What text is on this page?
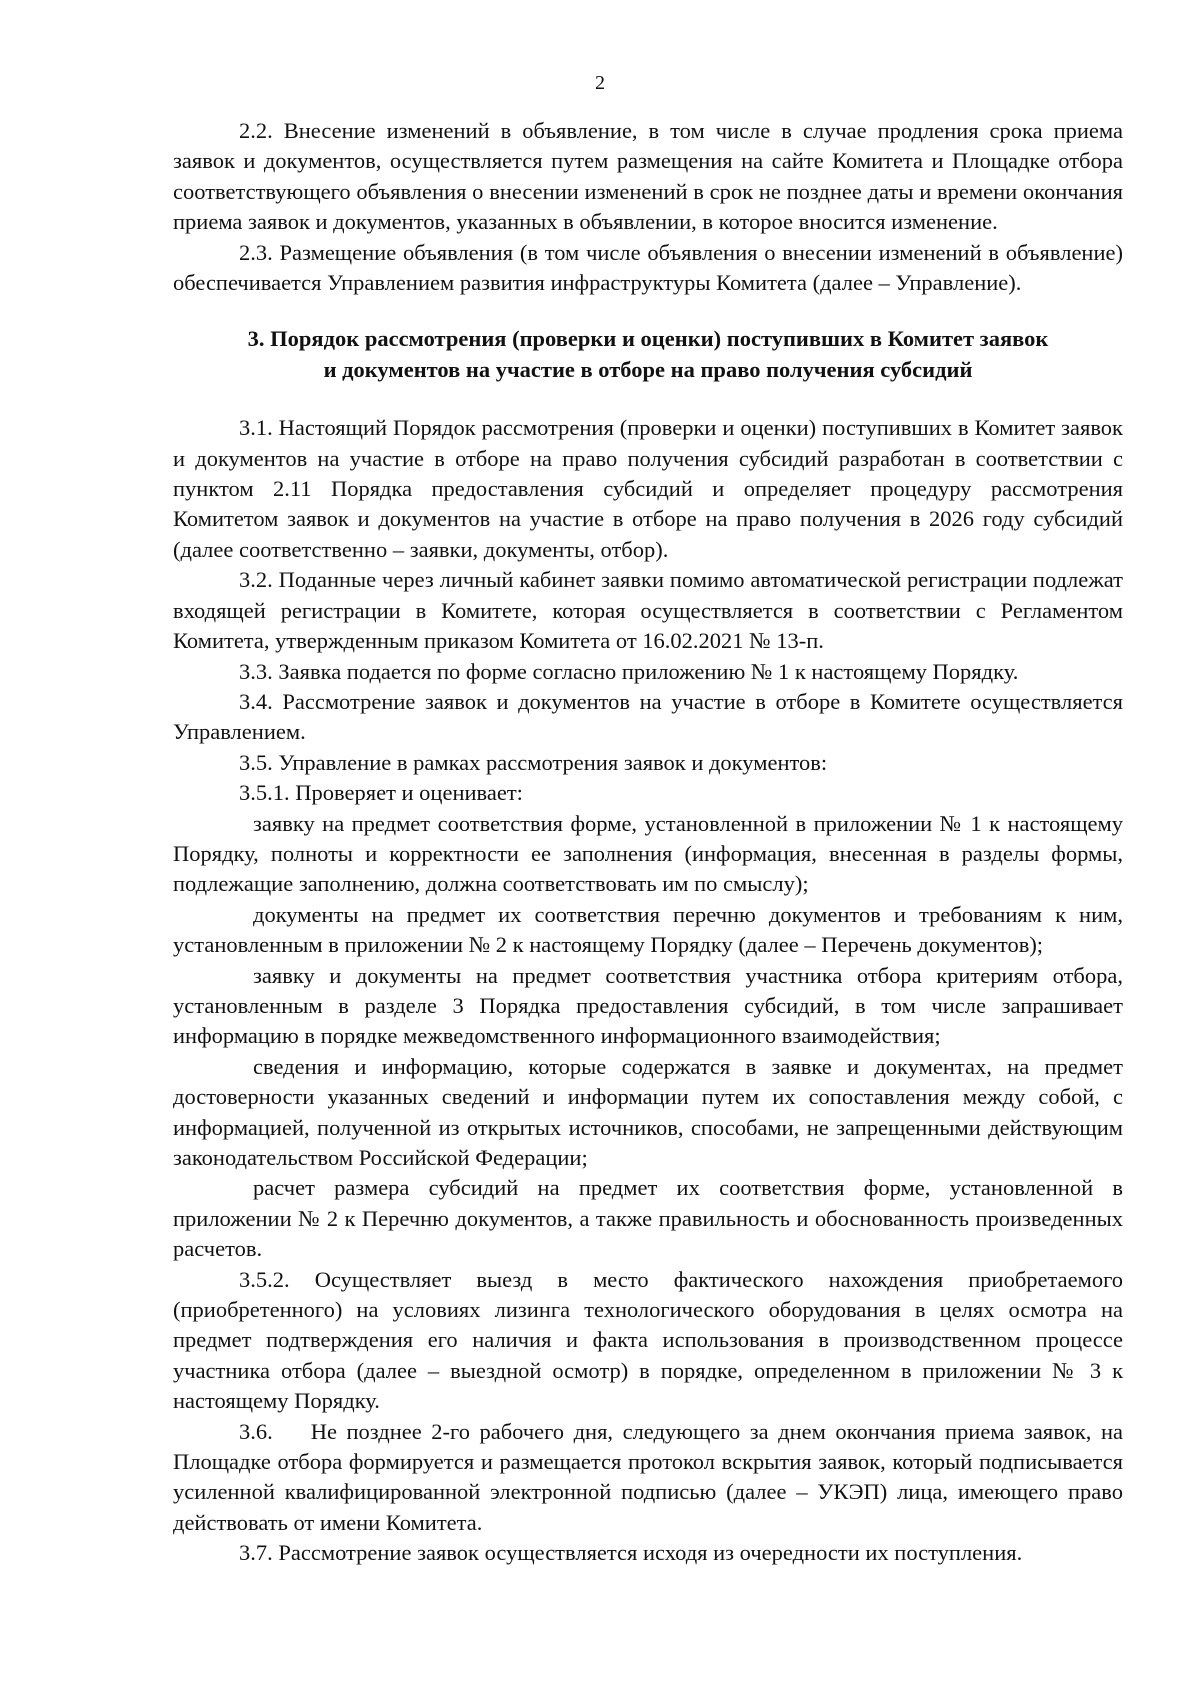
2

2.2. Внесение изменений в объявление, в том числе в случае продления срока приема заявок и документов, осуществляется путем размещения на сайте Комитета и Площадке отбора соответствующего объявления о внесении изменений в срок не позднее даты и времени окончания приема заявок и документов, указанных в объявлении, в которое вносится изменение.

2.3. Размещение объявления (в том числе объявления о внесении изменений в объявление) обеспечивается Управлением развития инфраструктуры Комитета (далее – Управление).

3. Порядок рассмотрения (проверки и оценки) поступивших в Комитет заявок
и документов на участие в отборе на право получения субсидий

3.1. Настоящий Порядок рассмотрения (проверки и оценки) поступивших в Комитет заявок и документов на участие в отборе на право получения субсидий разработан в соответствии с пунктом 2.11 Порядка предоставления субсидий и определяет процедуру рассмотрения Комитетом заявок и документов на участие в отборе на право получения в 2026 году субсидий (далее соответственно – заявки, документы, отбор).

3.2. Поданные через личный кабинет заявки помимо автоматической регистрации подлежат входящей регистрации в Комитете, которая осуществляется в соответствии с Регламентом Комитета, утвержденным приказом Комитета от 16.02.2021 № 13-п.

3.3. Заявка подается по форме согласно приложению № 1 к настоящему Порядку.

3.4. Рассмотрение заявок и документов на участие в отборе в Комитете осуществляется Управлением.

3.5. Управление в рамках рассмотрения заявок и документов:

3.5.1. Проверяет и оценивает:

заявку на предмет соответствия форме, установленной в приложении № 1 к настоящему Порядку, полноты и корректности ее заполнения (информация, внесенная в разделы формы, подлежащие заполнению, должна соответствовать им по смыслу);

документы на предмет их соответствия перечню документов и требованиям к ним, установленным в приложении № 2 к настоящему Порядку (далее – Перечень документов);

заявку и документы на предмет соответствия участника отбора критериям отбора, установленным в разделе 3 Порядка предоставления субсидий, в том числе запрашивает информацию в порядке межведомственного информационного взаимодействия;

сведения и информацию, которые содержатся в заявке и документах, на предмет достоверности указанных сведений и информации путем их сопоставления между собой, с информацией, полученной из открытых источников, способами, не запрещенными действующим законодательством Российской Федерации;

расчет размера субсидий на предмет их соответствия форме, установленной в приложении № 2 к Перечню документов, а также правильность и обоснованность произведенных расчетов.

3.5.2. Осуществляет выезд в место фактического нахождения приобретаемого (приобретенного) на условиях лизинга технологического оборудования в целях осмотра на предмет подтверждения его наличия и факта использования в производственном процессе участника отбора (далее – выездной осмотр) в порядке, определенном в приложении № 3 к настоящему Порядку.

3.6. Не позднее 2-го рабочего дня, следующего за днем окончания приема заявок, на Площадке отбора формируется и размещается протокол вскрытия заявок, который подписывается усиленной квалифицированной электронной подписью (далее – УКЭП) лица, имеющего право действовать от имени Комитета.

3.7. Рассмотрение заявок осуществляется исходя из очередности их поступления.
